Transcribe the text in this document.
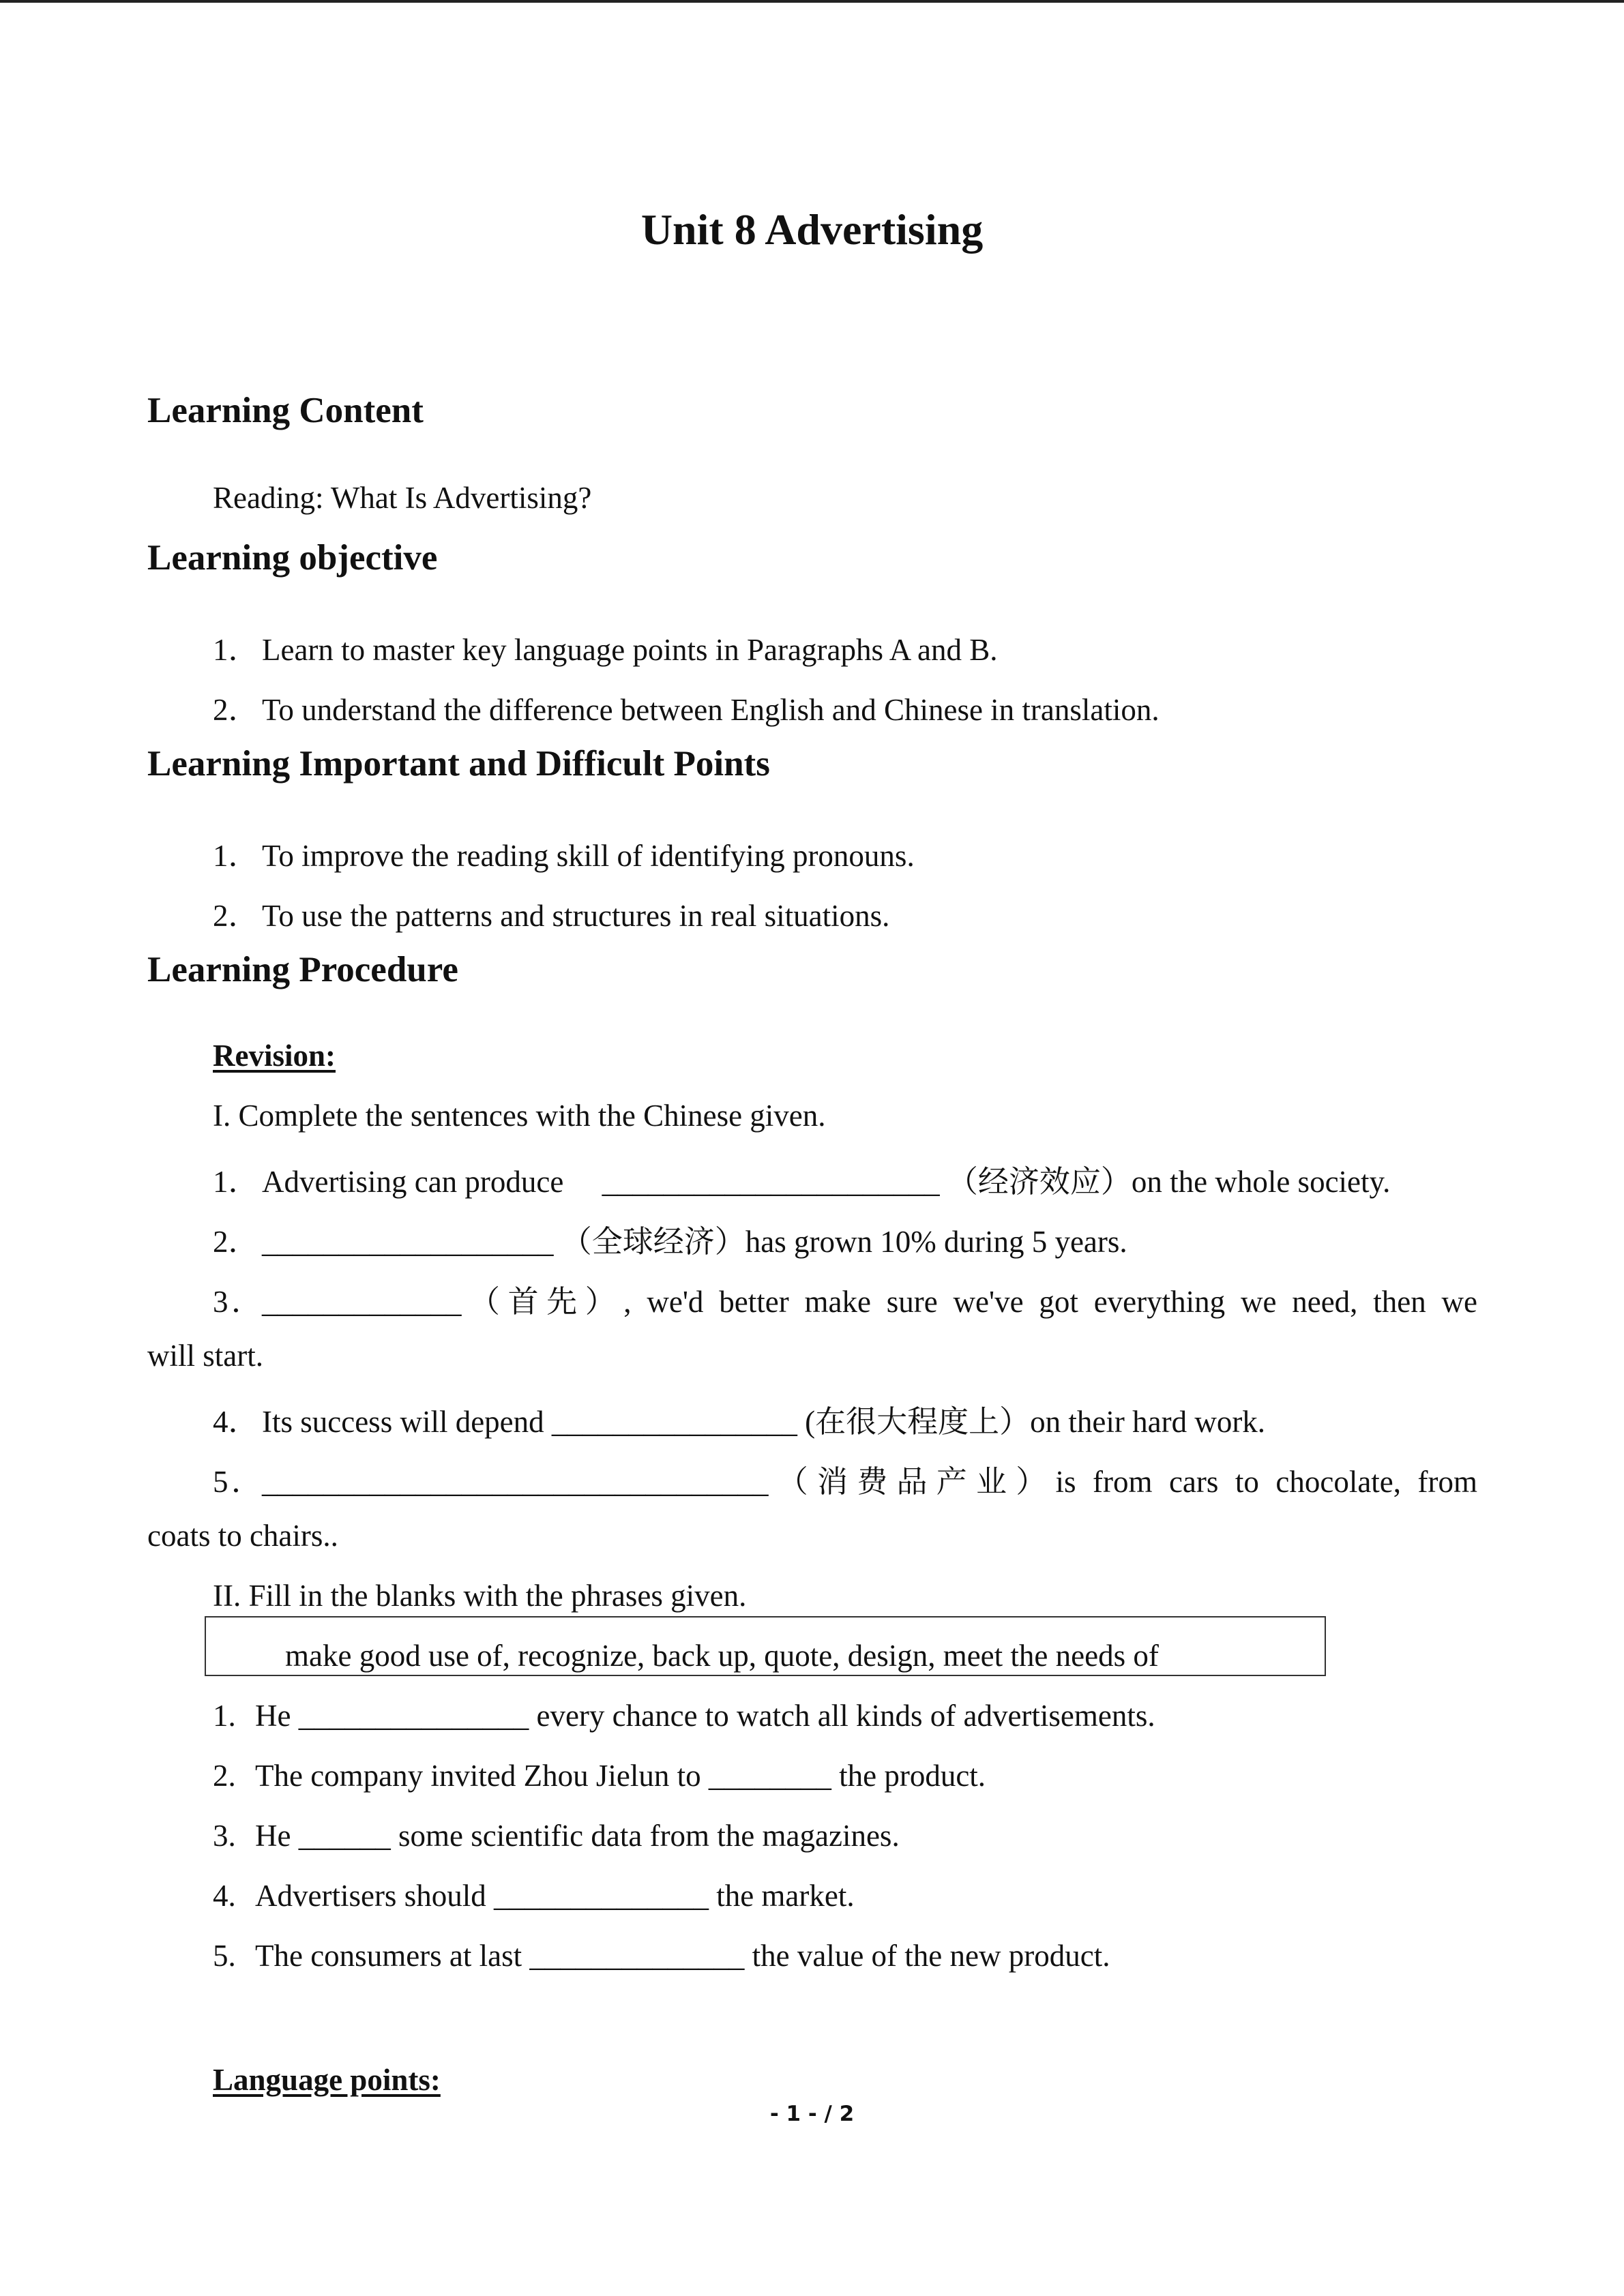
Unit 8 Advertising
Learning Content
Reading: What Is Advertising?
Learning objective
1．Learn to master key language points in Paragraphs A and B.
2．To understand the difference between English and Chinese in translation.
Learning Important and Difficult Points
1．To improve the reading skill of identifying pronouns.
2．To use the patterns and structures in real situations.
Learning Procedure
Revision:
I. Complete the sentences with the Chinese given.
1．Advertising can produce　 ______________________ （经济效应）on the whole society.
2．___________________ （全球经济）has grown 10% during 5 years.
3．_____________（首先）, we'd better make sure we've got everything we need, then we
will start.
4．Its success will depend ________________ (在很大程度上）on their hard work.
5．_________________________________（消费品产业）is from cars to chocolate, from
coats to chairs..
II. Fill in the blanks with the phrases given.
make good use of, recognize, back up, quote, design, meet the needs of
1. He _______________ every chance to watch all kinds of advertisements.
2. The company invited Zhou Jielun to ________ the product.
3. He ______ some scientific data from the magazines.
4. Advertisers should ______________ the market.
5. The consumers at last ______________ the value of the new product.
Language points:
- 1 - / 2
